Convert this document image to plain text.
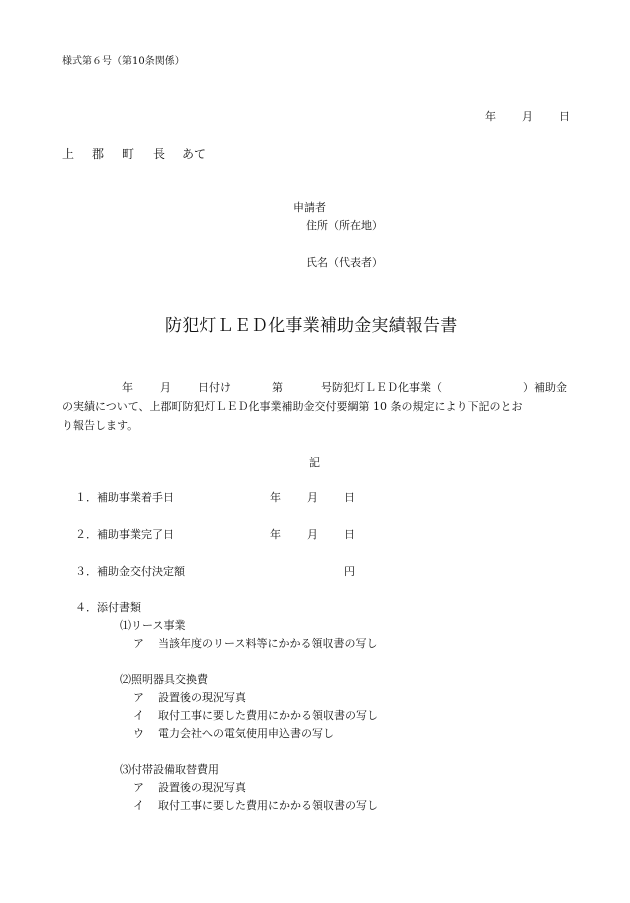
様式第６号（第10条関係）
年 月 日
上 郡 町 長 あて
申請者
住所（所在地）
氏名（代表者）
防犯灯ＬＥＤ化事業補助金実績報告書
年 月 日付け	第	号防犯灯ＬＥＤ化事業（	）補助金
の実績について、上郡町防犯灯ＬＥＤ化事業補助金交付要綱第 10 条の規定により下記のとお
り報告します。
記
１． 補助事業着手日	年 月 日
２． 補助事業完了日	年 月 日
３． 補助金交付決定額	円
４． 添付書類
⑴リース事業
ア 当該年度のリース料等にかかる領収書の写し
⑵照明器具交換費
ア 設置後の現況写真
イ 取付工事に要した費用にかかる領収書の写し
ウ 電力会社への電気使用申込書の写し
⑶付帯設備取替費用
ア 設置後の現況写真
イ 取付工事に要した費用にかかる領収書の写し
